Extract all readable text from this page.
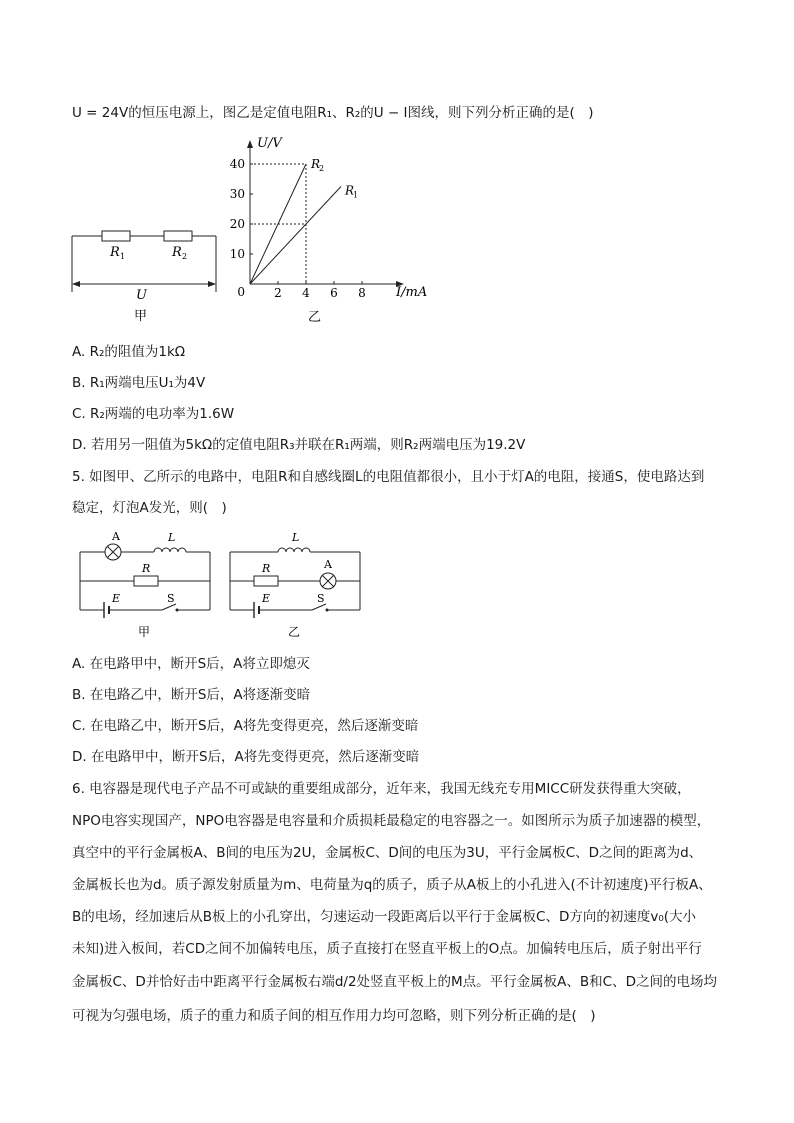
U = 24V的恒压电源上，图乙是定值电阻R₁、R₂的U − I图线，则下列分析正确的是(　)
R 1	R 2
U
甲
U/V
I/mA
0 2 4 6 8
10
20
30
40	R
2
R
1
乙
A. R₂的阻值为1kΩ
B. R₁两端电压U₁为4V
C. R₂两端的电功率为1.6W
D. 若用另一阻值为5kΩ的定值电阻R₃并联在R₁两端，则R₂两端电压为19.2V
5. 如图甲、乙所示的电路中，电阻R和自感线圈L的电阻值都很小，且小于灯A的电阻，接通S，使电路达到
稳定，灯泡A发光，则(　)
A	L
R
E	S
甲
L
R	A
E	S
乙
A. 在电路甲中，断开S后，A将立即熄灭
B. 在电路乙中，断开S后，A将逐渐变暗
C. 在电路乙中，断开S后，A将先变得更亮，然后逐渐变暗
D. 在电路甲中，断开S后，A将先变得更亮，然后逐渐变暗
6. 电容器是现代电子产品不可或缺的重要组成部分，近年来，我国无线充专用MICC研发获得重大突破，
NPO电容实现国产，NPO电容器是电容量和介质损耗最稳定的电容器之一。如图所示为质子加速器的模型，
真空中的平行金属板A、B间的电压为2U，金属板C、D间的电压为3U，平行金属板C、D之间的距离为d、
金属板长也为d。质子源发射质量为m、电荷量为q的质子，质子从A板上的小孔进入(不计初速度)平行板A、
B的电场，经加速后从B板上的小孔穿出，匀速运动一段距离后以平行于金属板C、D方向的初速度v₀(大小
未知)进入板间，若CD之间不加偏转电压，质子直接打在竖直平板上的O点。加偏转电压后，质子射出平行
金属板C、D并恰好击中距离平行金属板右端d/2处竖直平板上的M点。平行金属板A、B和C、D之间的电场均
可视为匀强电场，质子的重力和质子间的相互作用力均可忽略，则下列分析正确的是(　)
